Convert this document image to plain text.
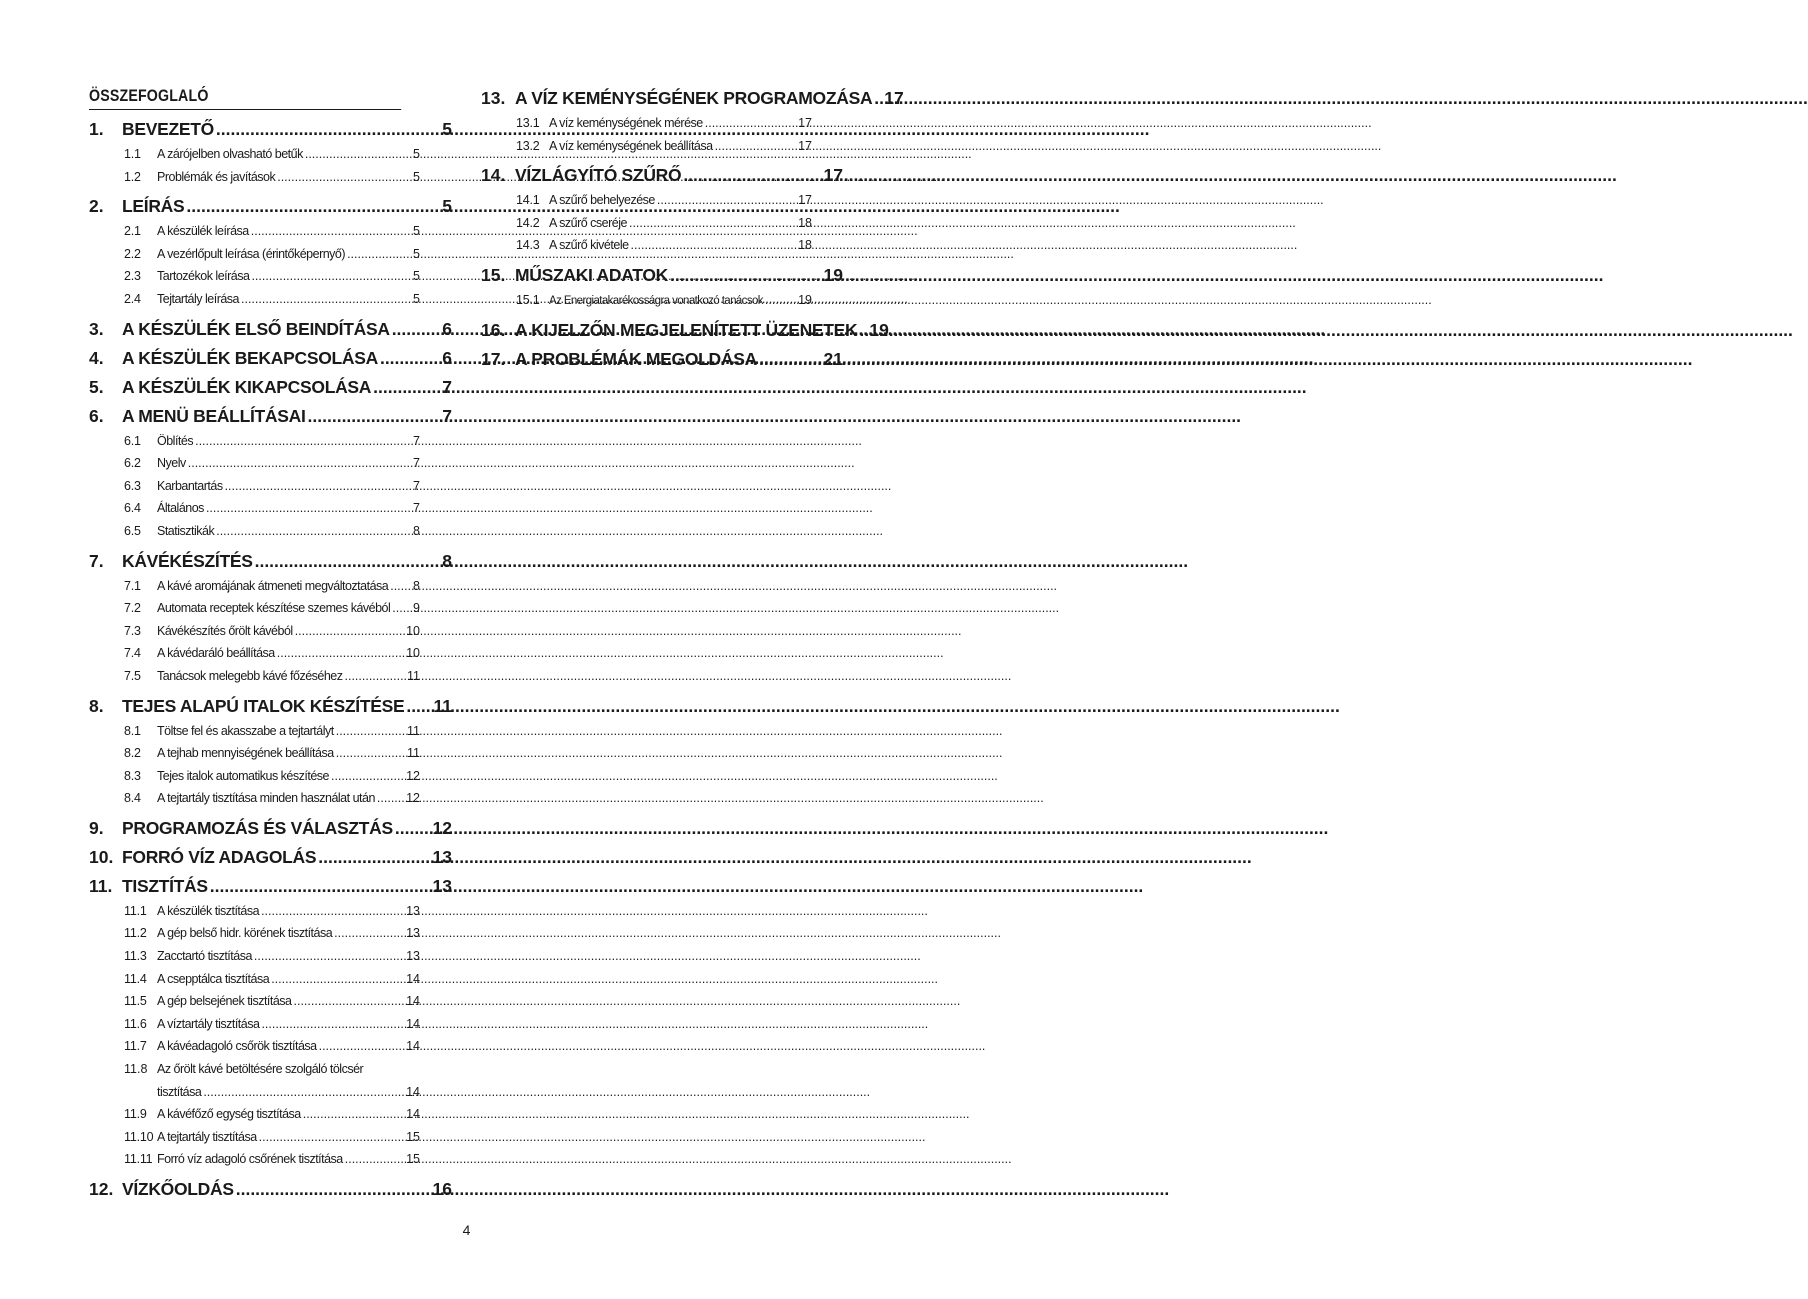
ÖSSZEFOGLALÓ
1.	BEVEZETŐ .....	5
1.1	A zárójelben olvasható betűk .....	5
1.2	Problémák és javítások .....	5
2.	LEÍRÁS .....	5
2.1	A készülék leírása .....	5
2.2	A vezérlőpult leírása (érintőképernyő) .....	5
2.3	Tartozékok leírása .....	5
2.4	Tejtartály leírása .....	5
3.	A KÉSZÜLÉK ELSŐ BEINDÍTÁSA .....	6
4.	A KÉSZÜLÉK BEKAPCSOLÁSA .....	6
5.	A KÉSZÜLÉK KIKAPCSOLÁSA .....	7
6.	A MENÜ BEÁLLÍTÁSAI .....	7
6.1	Öblítés .....	7
6.2	Nyelv .....	7
6.3	Karbantartás .....	7
6.4	Általános .....	7
6.5	Statisztikák .....	8
7.	KÁVÉKÉSZÍTÉS .....	8
7.1	A kávé aromájának átmeneti megváltoztatása ..... 8
7.2	Automata receptek készítése szemes kávéból ..... 9
7.3	Kávékészítés őrölt kávéból .....	10
7.4	A kávédaráló beállítása .....	10
7.5	Tanácsok melegebb kávé főzéséhez .....	11
8.	TEJES ALAPÚ ITALOK KÉSZÍTÉSE ..... 11
8.1	Töltse fel és akasszabe a tejtartályt .....	11
8.2	A tejhab mennyiségének beállítása .....	11
8.3	Tejes italok automatikus készítése .....	12
8.4	A tejtartály tisztítása minden használat után ..... 12
9.	PROGRAMOZÁS ÉS VÁLASZTÁS ..... 12
10. FORRÓ VÍZ ADAGOLÁS .....	13
11. TISZTÍTÁS .....	13
11.1 A készülék tisztítása .....	13
11.2 A gép belső hidr. körének tisztítása .....	13
11.3 Zacctartó tisztítása .....	13
11.4 A csepptálca tisztítása .....	14
11.5 A gép belsejének tisztítása .....	14
11.6 A víztartály tisztítása .....	14
11.7 A kávéadagoló csőrök tisztítása .....	14
11.8 Az őrölt kávé betöltésére szolgáló tölcsér
tisztítása .....	14
11.9 A kávéfőző egység tisztítása .....	14
11.10 A tejtartály tisztítása .....	15
11.11 Forró víz adagoló csőrének tisztítása .....	15
12. VÍZKŐOLDÁS .....	16
13. A VÍZ KEMÉNYSÉGÉNEK PROGRAMOZÁSA ..... 17
13.1 A víz keménységének mérése .....	17
13.2 A víz keménységének beállítása .....	17
14. VÍZLÁGYÍTÓ SZŰRŐ .....	17
14.1 A szűrő behelyezése .....	17
14.2 A szűrő cseréje .....	18
14.3 A szűrő kivétele .....	18
15. MŰSZAKI ADATOK .....	19
15.1 Az Energiatakarékosságra vonatkozó tanácsok .....	19
16. A KIJELZŐN MEGJELENÍTETT ÜZENETEK ..... 19
17. A PROBLÉMÁK MEGOLDÁSA .....	21
4
